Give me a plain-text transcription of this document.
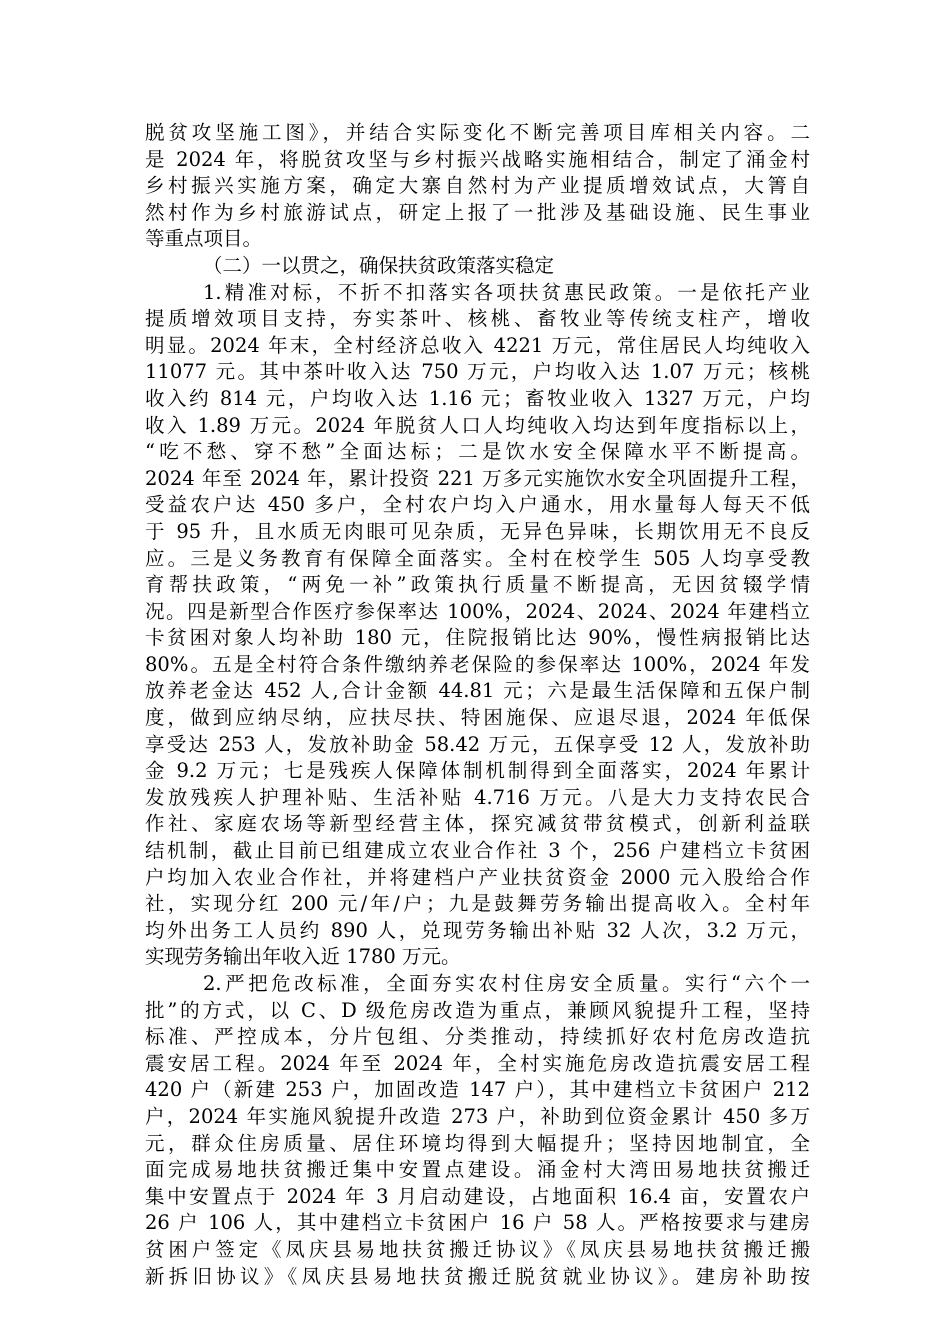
脱贫攻坚施工图》，并结合实际变化不断完善项目库相关内容。二
是 2024 年，将脱贫攻坚与乡村振兴战略实施相结合，制定了涌金村
乡村振兴实施方案，确定大寨自然村为产业提质增效试点，大箐自
然村作为乡村旅游试点，研定上报了一批涉及基础设施、民生事业
等重点项目。
（二）一以贯之，确保扶贫政策落实稳定
1.精准对标，不折不扣落实各项扶贫惠民政策。一是依托产业
提质增效项目支持，夯实茶叶、核桃、畜牧业等传统支柱产，增收
明显。2024 年末，全村经济总收入 4221 万元，常住居民人均纯收入
11077 元。其中茶叶收入达 750 万元，户均收入达 1.07 万元；核桃
收入约 814 元，户均收入达 1.16 元；畜牧业收入 1327 万元，户均
收入 1.89 万元。2024 年脱贫人口人均纯收入均达到年度指标以上，
“吃不愁、穿不愁”全面达标；二是饮水安全保障水平不断提高。
2024 年至 2024 年，累计投资 221 万多元实施饮水安全巩固提升工程，
受益农户达 450 多户，全村农户均入户通水，用水量每人每天不低
于 95 升，且水质无肉眼可见杂质，无异色异味，长期饮用无不良反
应。三是义务教育有保障全面落实。全村在校学生 505 人均享受教
育帮扶政策，“两免一补”政策执行质量不断提高，无因贫辍学情
况。四是新型合作医疗参保率达 100%，2024、2024、2024 年建档立
卡贫困对象人均补助 180 元，住院报销比达 90%，慢性病报销比达
80%。五是全村符合条件缴纳养老保险的参保率达 100%，2024 年发
放养老金达 452 人,合计金额 44.81 元；六是最生活保障和五保户制
度，做到应纳尽纳，应扶尽扶、特困施保、应退尽退，2024 年低保
享受达 253 人，发放补助金 58.42 万元，五保享受 12 人，发放补助
金 9.2 万元；七是残疾人保障体制机制得到全面落实，2024 年累计
发放残疾人护理补贴、生活补贴 4.716 万元。八是大力支持农民合
作社、家庭农场等新型经营主体，探究减贫带贫模式，创新利益联
结机制，截止目前已组建成立农业合作社 3 个，256 户建档立卡贫困
户均加入农业合作社，并将建档户产业扶贫资金 2000 元入股给合作
社，实现分红 200 元/年/户；九是鼓舞劳务输出提高收入。全村年
均外出务工人员约 890 人，兑现劳务输出补贴 32 人次，3.2 万元，
实现劳务输出年收入近 1780 万元。
2.严把危改标准，全面夯实农村住房安全质量。实行“六个一
批”的方式，以 C、D 级危房改造为重点，兼顾风貌提升工程，坚持
标准、严控成本，分片包组、分类推动，持续抓好农村危房改造抗
震安居工程。2024 年至 2024 年，全村实施危房改造抗震安居工程
420 户（新建 253 户，加固改造 147 户），其中建档立卡贫困户 212
户，2024 年实施风貌提升改造 273 户，补助到位资金累计 450 多万
元，群众住房质量、居住环境均得到大幅提升；坚持因地制宜，全
面完成易地扶贫搬迁集中安置点建设。涌金村大湾田易地扶贫搬迁
集中安置点于 2024 年 3 月启动建设，占地面积 16.4 亩，安置农户
26 户 106 人，其中建档立卡贫困户 16 户 58 人。严格按要求与建房
贫困户签定《凤庆县易地扶贫搬迁协议》《凤庆县易地扶贫搬迁搬
新拆旧协议》《凤庆县易地扶贫搬迁脱贫就业协议》。建房补助按
